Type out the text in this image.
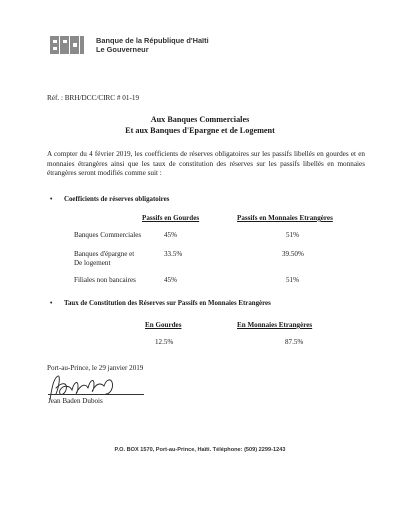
Banque de la République d'Haïti
Le Gouverneur
Réf. : BRH/DCC/CIRC # 01-19
Aux Banques Commerciales
Et aux Banques d'Epargne et de Logement
A compter du 4 février 2019, les coefficients de réserves obligatoires sur les passifs libellés en gourdes et en monnaies étrangères ainsi que les taux de constitution des réserves sur les passifs libellés en monnaies étrangères seront modifiés comme suit :
• Coefficients de réserves obligatoires
Passifs en Gourdes	Passifs en Monnaies Etrangères
Banques Commerciales	45%	51%
Banques d'épargne et
De logement
33.5%	39.50%
Filiales non bancaires	45%	51%
• Taux de Constitution des Réserves sur Passifs en Monnaies Etrangères
En Gourdes	En Monnaies Etrangères
12.5%	87.5%
Port-au-Prince, le 29 janvier 2019
Jean Baden Dubois
P.O. BOX 1570, Port-au-Prince, Haïti. Téléphone: (509) 2299-1243
